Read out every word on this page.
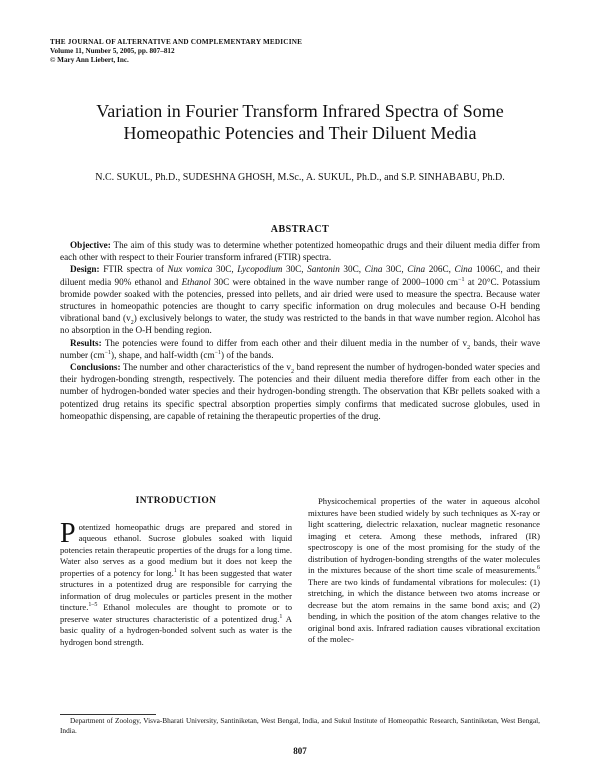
THE JOURNAL OF ALTERNATIVE AND COMPLEMENTARY MEDICINE
Volume 11, Number 5, 2005, pp. 807–812
© Mary Ann Liebert, Inc.
Variation in Fourier Transform Infrared Spectra of Some
Homeopathic Potencies and Their Diluent Media
N.C. SUKUL, Ph.D., SUDESHNA GHOSH, M.Sc., A. SUKUL, Ph.D., and S.P. SINHABABU, Ph.D.
ABSTRACT

Objective: The aim of this study was to determine whether potentized homeopathic drugs and their diluent media differ from each other with respect to their Fourier transform infrared (FTIR) spectra.

Design: FTIR spectra of Nux vomica 30C, Lycopodium 30C, Santonin 30C, Cina 30C, Cina 206C, Cina 1006C, and their diluent media 90% ethanol and Ethanol 30C were obtained in the wave number range of 2000–1000 $cm^{-1}$ at 20°C. Potassium bromide powder soaked with the potencies, pressed into pellets, and air dried were used to measure the spectra. Because water structures in homeopathic potencies are thought to carry specific information on drug molecules and because O-H bending vibrational band $(v_2)$ exclusively belongs to water, the study was restricted to the bands in that wave number region. Alcohol has no absorption in the O-H bending region.

Results: The potencies were found to differ from each other and their diluent media in the number of $v_2$ bands, their wave number $(cm^{-1})$, shape, and half-width $(cm^{-1})$ of the bands.

Conclusions: The number and other characteristics of the $v_2$ band represent the number of hydrogen-bonded water species and their hydrogen-bonding strength, respectively. The potencies and their diluent media therefore differ from each other in the number of hydrogen-bonded water species and their hydrogen-bonding strength. The observation that KBr pellets soaked with a potentized drug retains its specific spectral absorption properties simply confirms that medicated sucrose globules, used in homeopathic dispensing, are capable of retaining the therapeutic properties of the drug.

INTRODUCTION

Potentized homeopathic drugs are prepared and stored in aqueous ethanol. Sucrose globules soaked with liquid potencies retain therapeutic properties of the drugs for a long time. Water also serves as a good medium but it does not keep the properties of a potency for long.$^1$ It has been suggested that water structures in a potentized drug are responsible for carrying the information of drug molecules or particles present in the mother tincture.$^{1-5}$ Ethanol molecules are thought to promote or to preserve water structures characteristic of a potentized drug.$^1$ A basic quality of a hydrogen-bonded solvent such as water is the hydrogen bond strength.

Physicochemical properties of the water in aqueous alcohol mixtures have been studied widely by such techniques as X-ray or light scattering, dielectric relaxation, nuclear magnetic resonance imaging et cetera. Among these methods, infrared (IR) spectroscopy is one of the most promising for the study of the distribution of hydrogen-bonding strengths of the water molecules in the mixtures because of the short time scale of measurements.$^6$ There are two kinds of fundamental vibrations for molecules: (1) stretching, in which the distance between two atoms increase or decrease but the atom remains in the same bond axis; and (2) bending, in which the position of the atom changes relative to the original bond axis. Infrared radiation causes vibrational excitation of the molec-

Department of Zoology, Visva-Bharati University, Santiniketan, West Bengal, India, and Sukul Institute of Homeopathic Research, Santiniketan, West Bengal, India.
807
